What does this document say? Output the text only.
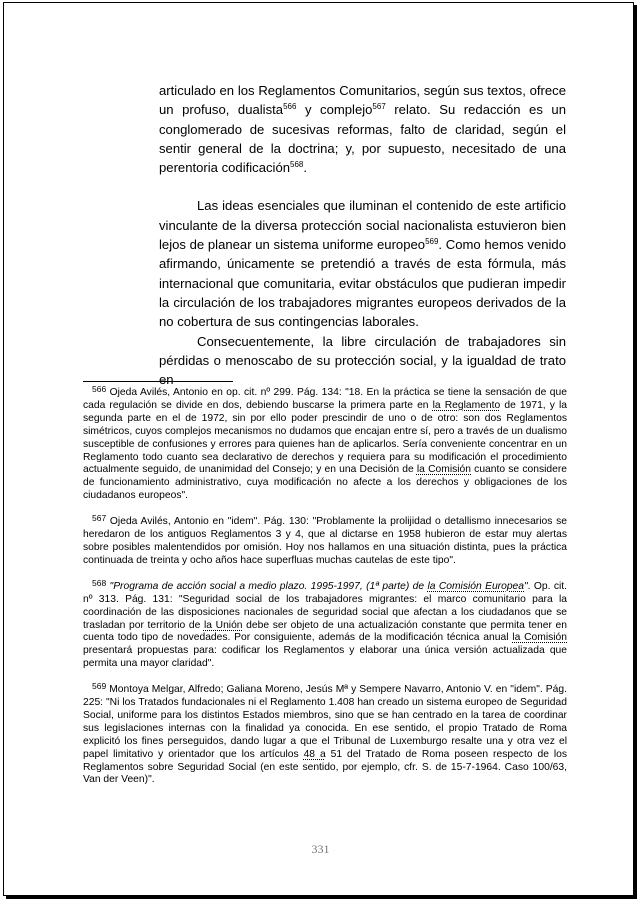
articulado en los Reglamentos Comunitarios, según sus textos, ofrece un profuso, dualista$^{566}$ y complejo$^{567}$ relato. Su redacción es un conglomerado de sucesivas reformas, falto de claridad, según el sentir general de la doctrina; y, por supuesto, necesitado de una perentoria codificación$^{568}$.

Las ideas esenciales que iluminan el contenido de este artificio vinculante de la diversa protección social nacionalista estuvieron bien lejos de planear un sistema uniforme europeo$^{569}$. Como hemos venido afirmando, únicamente se pretendió a través de esta fórmula, más internacional que comunitaria, evitar obstáculos que pudieran impedir la circulación de los trabajadores migrantes europeos derivados de la no cobertura de sus contingencias laborales.

Consecuentemente, la libre circulación de trabajadores sin pérdidas o menoscabo de su protección social, y la igualdad de trato en

$^{566}$ Ojeda Avilés, Antonio en op. cit. nº 299. Pág. 134: "18. En la práctica se tiene la sensación de que cada regulación se divide en dos, debiendo buscarse la primera parte en la Reglamento de 1971, y la segunda parte en el de 1972, sin por ello poder prescindir de uno o de otro: son dos Reglamentos simétricos, cuyos complejos mecanismos no dudamos que encajan entre sí, pero a través de un dualismo susceptible de confusiones y errores para quienes han de aplicarlos. Sería conveniente concentrar en un Reglamento todo cuanto sea declarativo de derechos y requiera para su modificación el procedimiento actualmente seguido, de unanimidad del Consejo; y en una Decisión de la Comisión cuanto se considere de funcionamiento administrativo, cuya modificación no afecte a los derechos y obligaciones de los ciudadanos europeos".

$^{567}$ Ojeda Avilés, Antonio en "idem". Pág. 130: "Problamente la prolijidad o detallismo innecesarios se heredaron de los antiguos Reglamentos 3 y 4, que al dictarse en 1958 hubieron de estar muy alertas sobre posibles malentendidos por omisión. Hoy nos hallamos en una situación distinta, pues la práctica continuada de treinta y ocho años hace superfluas muchas cautelas de este tipo".

$^{568}$ "Programa de acción social a medio plazo. 1995-1997, (1ª parte) de la Comisión Europea". Op. cit. nº 313. Pág. 131: "Seguridad social de los trabajadores migrantes: el marco comunitario para la coordinación de las disposiciones nacionales de seguridad social que afectan a los ciudadanos que se trasladan por territorio de la Unión debe ser objeto de una actualización constante que permita tener en cuenta todo tipo de novedades. Por consiguiente, además de la modificación técnica anual la Comisión presentará propuestas para: codificar los Reglamentos y elaborar una única versión actualizada que permita una mayor claridad".

$^{569}$ Montoya Melgar, Alfredo; Galiana Moreno, Jesús Mª y Sempere Navarro, Antonio V. en "idem". Pág. 225: "Ni los Tratados fundacionales ni el Reglamento 1.408 han creado un sistema europeo de Seguridad Social, uniforme para los distintos Estados miembros, sino que se han centrado en la tarea de coordinar sus legislaciones internas con la finalidad ya conocida. En ese sentido, el propio Tratado de Roma explicitó los fines perseguidos, dando lugar a que el Tribunal de Luxemburgo resalte una y otra vez el papel limitativo y orientador que los artículos 48 a 51 del Tratado de Roma poseen respecto de los Reglamentos sobre Seguridad Social (en este sentido, por ejemplo, cfr. S. de 15-7-1964. Caso 100/63, Van der Veen)".

331
